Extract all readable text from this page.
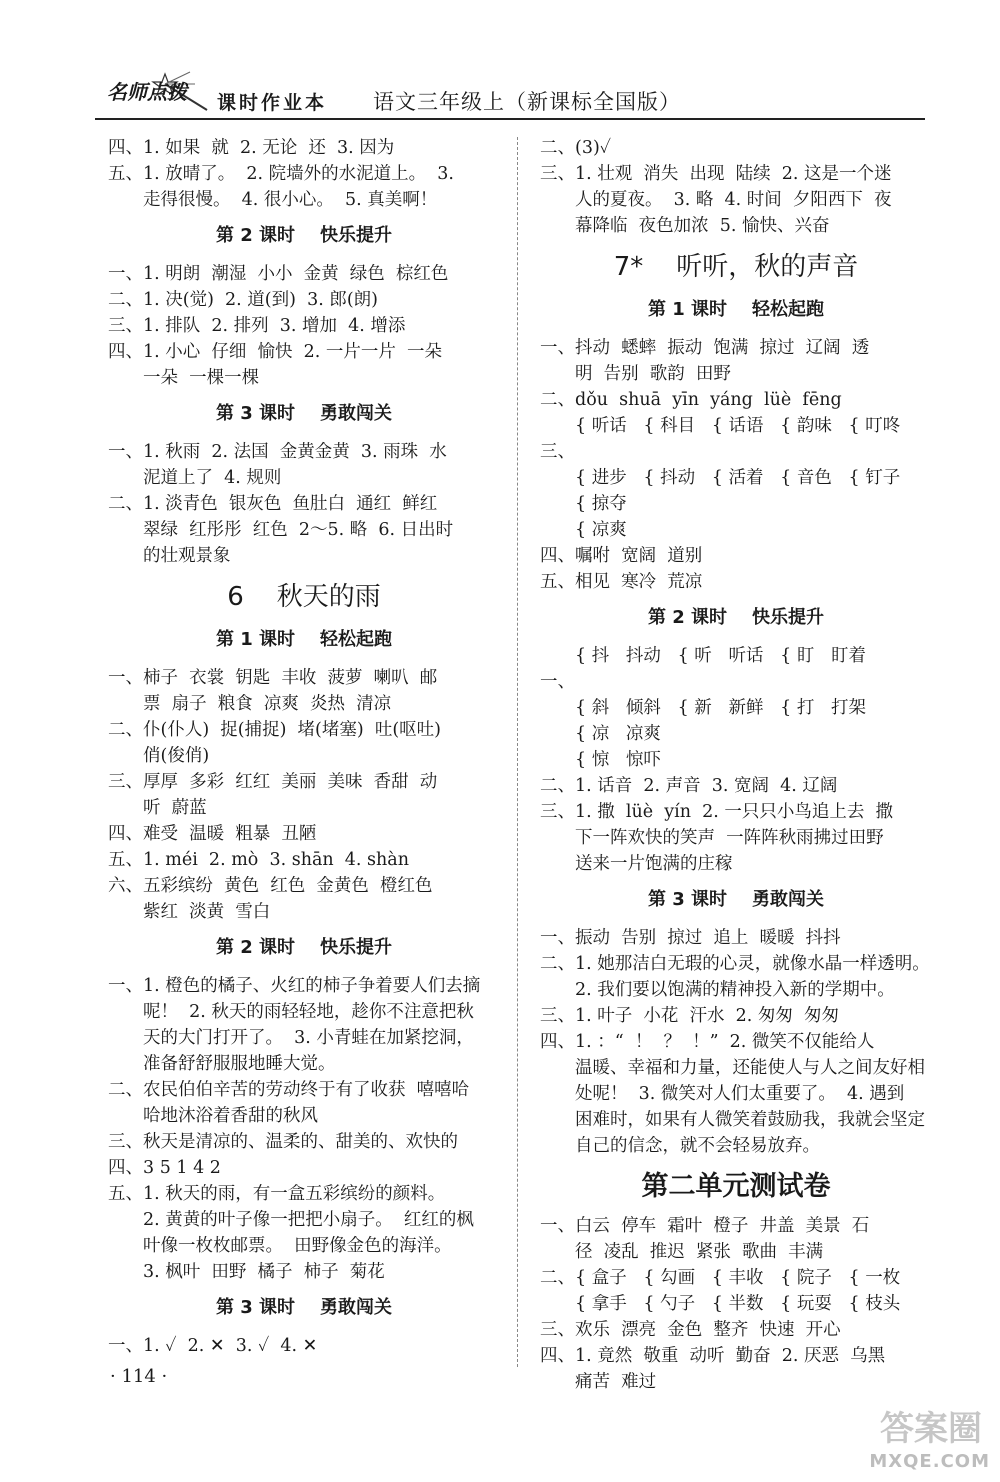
名师点拨 课时作业本 语文三年级上（新课标全国版）
四、1. 如果  就  2. 无论  还  3. 因为
五、1. 放晴了。  2. 院墙外的水泥道上。  3.
走得很慢。  4. 很小心。  5. 真美啊！
第 2 课时    快乐提升
一、1. 明朗  潮湿  小小  金黄  绿色  棕红色
二、1. 决(觉)  2. 道(到)  3. 郎(朗)
三、1. 排队  2. 排列  3. 增加  4. 增添
四、1. 小心  仔细  愉快  2. 一片一片  一朵
一朵  一棵一棵
第 3 课时    勇敢闯关
一、1. 秋雨  2. 法国  金黄金黄  3. 雨珠  水
泥道上了  4. 规则
二、1. 淡青色  银灰色  鱼肚白  通红  鲜红
翠绿  红彤彤  红色  2～5. 略  6. 日出时
的壮观景象
6    秋天的雨
第 1 课时    轻松起跑
一、柿子  衣裳  钥匙  丰收  菠萝  喇叭  邮
票  扇子  粮食  凉爽  炎热  清凉
二、仆(仆人)  捉(捕捉)  堵(堵塞)  吐(呕吐)
俏(俊俏)
三、厚厚  多彩  红红  美丽  美味  香甜  动
听  蔚蓝
四、难受  温暖  粗暴  丑陋
五、1. méi  2. mò  3. shān  4. shàn
六、五彩缤纷  黄色  红色  金黄色  橙红色
紫红  淡黄  雪白
第 2 课时    快乐提升
一、1. 橙色的橘子、火红的柿子争着要人们去摘
呢！  2. 秋天的雨轻轻地，趁你不注意把秋
天的大门打开了。  3. 小青蛙在加紧挖洞，
准备舒舒服服地睡大觉。
二、农民伯伯辛苦的劳动终于有了收获  嘻嘻哈
哈地沐浴着香甜的秋风
三、秋天是清凉的、温柔的、甜美的、欢快的
四、3 5 1 4 2
五、1. 秋天的雨，有一盒五彩缤纷的颜料。
2. 黄黄的叶子像一把把小扇子。  红红的枫
叶像一枚枚邮票。  田野像金色的海洋。
3. 枫叶  田野  橘子  柿子  菊花
第 3 课时    勇敢闯关
一、1. ✓  2. ✕  3. ✓  4. ✕
二、(3)✓
三、1. 壮观  消失  出现  陆续  2. 这是一个迷
人的夏夜。  3. 略  4. 时间  夕阳西下  夜
幕降临  夜色加浓  5. 愉快、兴奋
7*    听听，秋的声音
第 1 课时    轻松起跑
一、抖动  蟋蟀  振动  饱满  掠过  辽阔  透
明  告别  歌韵  田野
二、dǒu  shuā  yīn  yáng  lüè  fēng
{ 听话   { 科目   { 话语   { 韵味   { 叮咚
三、
{ 进步   { 抖动   { 活着   { 音色   { 钉子
{ 掠夺
{ 凉爽
四、嘱咐  宽阔  道别
五、相见  寒冷  荒凉
第 2 课时    快乐提升
{ 抖   抖动   { 听   听话   { 盯   盯着
一、
{ 斜   倾斜   { 新   新鲜   { 打   打架
{ 凉   凉爽
{ 惊   惊吓
二、1. 话音  2. 声音  3. 宽阔  4. 辽阔
三、1. 撒  lüè  yín  2. 一只只小鸟追上去  撒
下一阵欢快的笑声  一阵阵秋雨拂过田野
送来一片饱满的庄稼
第 3 课时    勇敢闯关
一、振动  告别  掠过  追上  暖暖  抖抖
二、1. 她那洁白无瑕的心灵，就像水晶一样透明。
2. 我们要以饱满的精神投入新的学期中。
三、1. 叶子  小花  汗水  2. 匆匆  匆匆
四、1. ：“  ！  ？  ！”  2. 微笑不仅能给人
温暖、幸福和力量，还能使人与人之间友好相
处呢！  3. 微笑对人们太重要了。  4. 遇到
困难时，如果有人微笑着鼓励我，我就会坚定
自己的信念，就不会轻易放弃。
第二单元测试卷
一、白云  停车  霜叶  橙子  井盖  美景  石
径  凌乱  推迟  紧张  歌曲  丰满
二、{ 盒子   { 勾画   { 丰收   { 院子   { 一枚
{ 拿手   { 勺子   { 半数   { 玩耍   { 枝头
三、欢乐  漂亮  金色  整齐  快速  开心
四、1. 竟然  敬重  动听  勤奋  2. 厌恶  乌黑
痛苦  难过
· 114 ·
答案圈
MXQE.COM
